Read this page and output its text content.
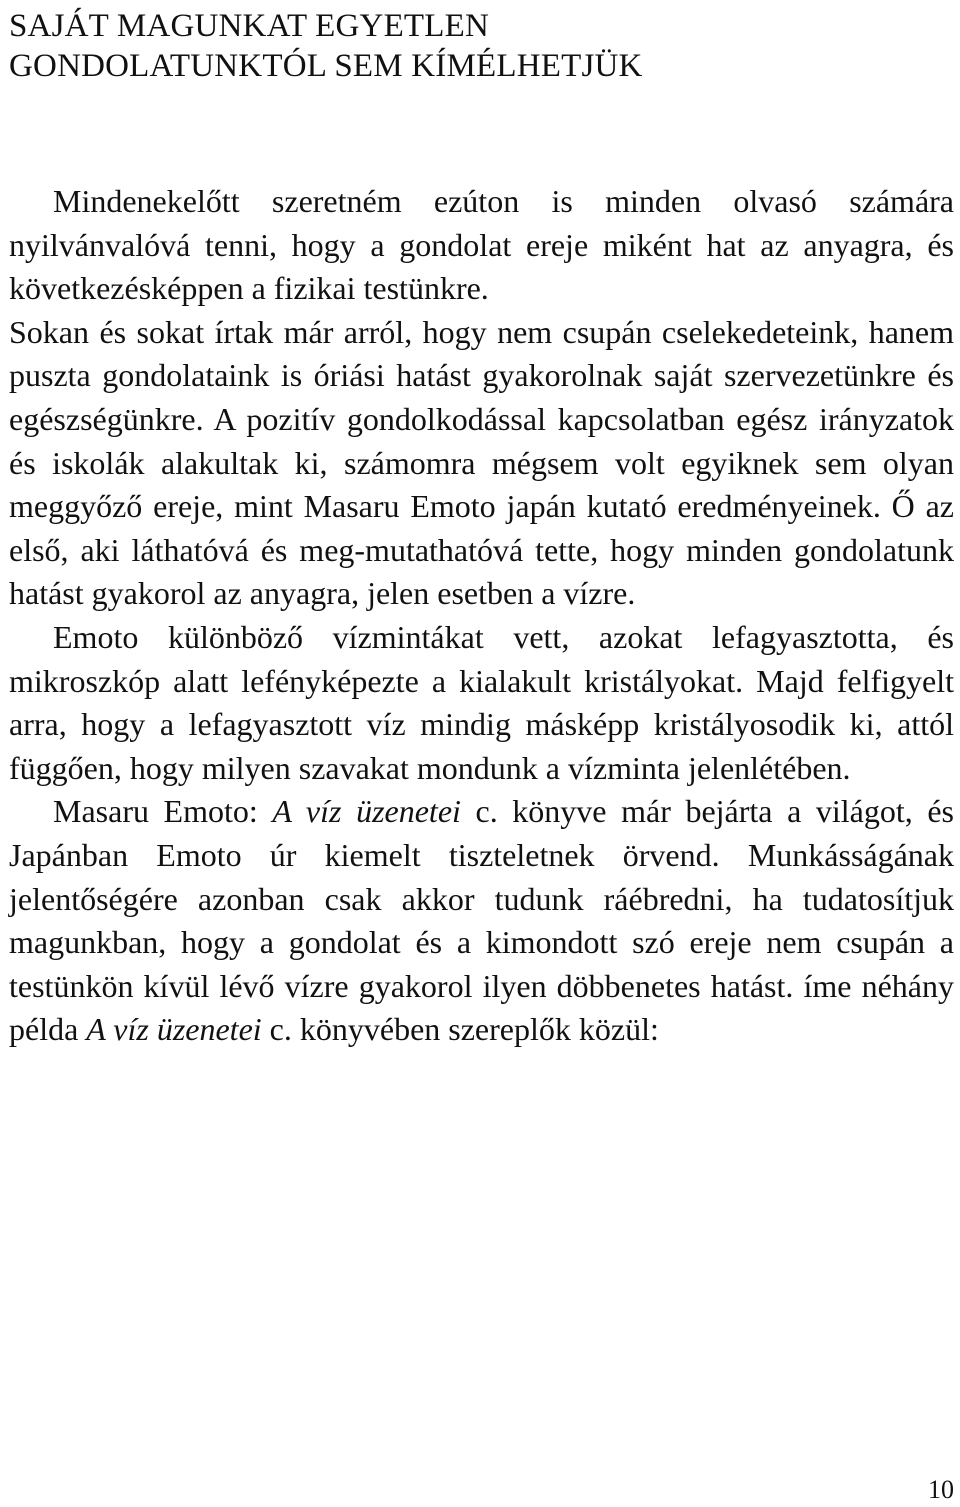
SAJÁT MAGUNKAT EGYETLEN
GONDOLATUNKTÓL SEM KÍMÉLHETJÜK

Mindenekelőtt szeretném ezúton is minden olvasó számára nyilvánvalóvá tenni, hogy a gondolat ereje miként hat az anyagra, és következésképpen a fizikai testünkre.

Sokan és sokat írtak már arról, hogy nem csupán cselekedeteink, hanem puszta gondolataink is óriási hatást gyakorolnak saját szervezetünkre és egészségünkre. A pozitív gondolkodással kapcsolatban egész irányzatok és iskolák alakultak ki, számomra mégsem volt egyiknek sem olyan meggyőző ereje, mint Masaru Emoto japán kutató eredményeinek. Ő az első, aki láthatóvá és meg-mutathatóvá tette, hogy minden gondolatunk hatást gyakorol az anyagra, jelen esetben a vízre.

Emoto különböző vízmintákat vett, azokat lefagyasztotta, és mikroszkóp alatt lefényképezte a kialakult kristályokat. Majd felfigyelt arra, hogy a lefagyasztott víz mindig másképp kristályosodik ki, attól függően, hogy milyen szavakat mondunk a vízminta jelenlétében.

Masaru Emoto: A víz üzenetei c. könyve már bejárta a világot, és Japánban Emoto úr kiemelt tiszteletnek örvend. Munkásságának jelentőségére azonban csak akkor tudunk ráébredni, ha tudatosítjuk magunkban, hogy a gondolat és a kimondott szó ereje nem csupán a testünkön kívül lévő vízre gyakorol ilyen döbbenetes hatást. íme néhány példa A víz üzenetei c. könyvében szereplők közül:

10
